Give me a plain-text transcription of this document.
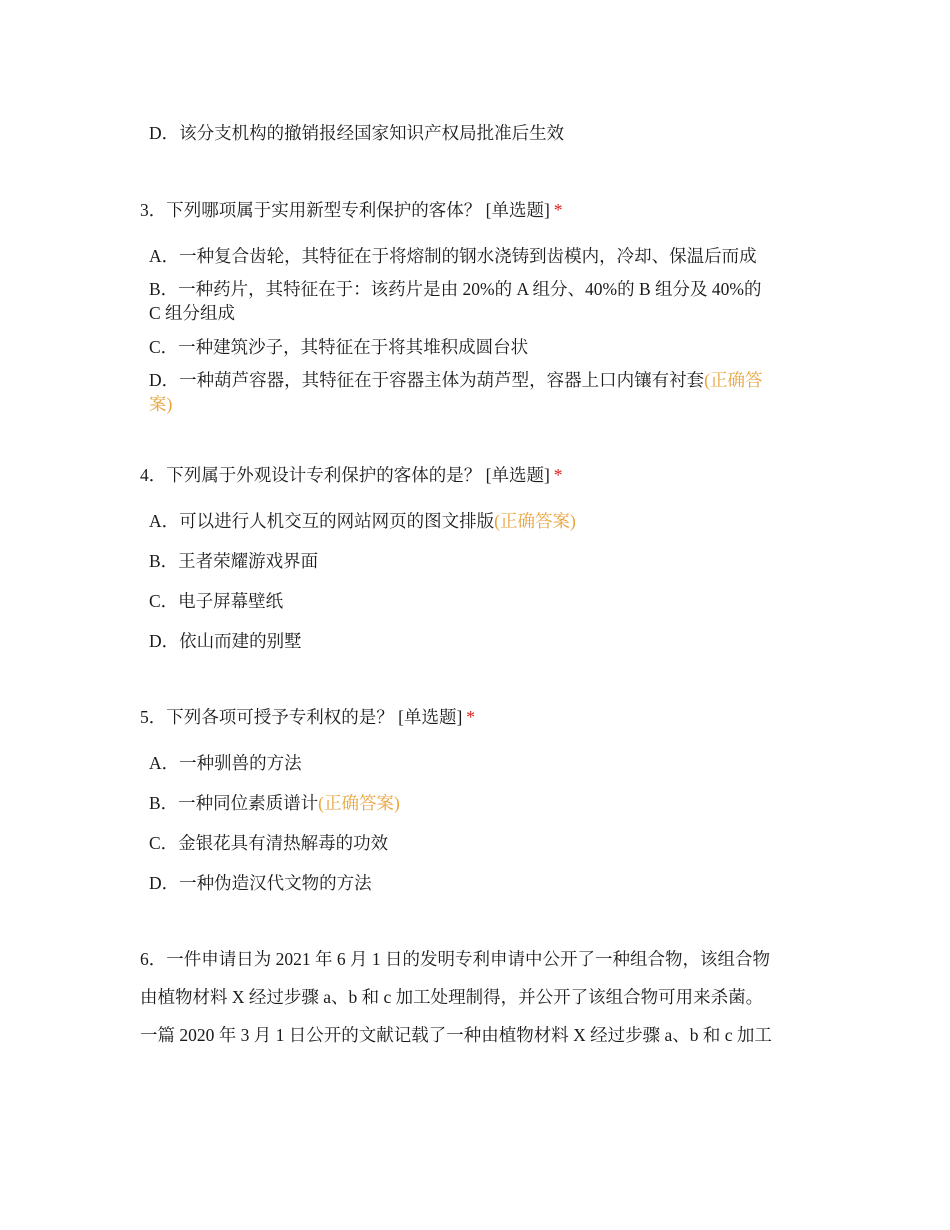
D．该分支机构的撤销报经国家知识产权局批准后生效
3．下列哪项属于实用新型专利保护的客体？ [单选题] *
A．一种复合齿轮，其特征在于将熔制的钢水浇铸到齿模内，冷却、保温后而成
B．一种药片，其特征在于：该药片是由 20%的 A 组分、40%的 B 组分及 40%的
C 组分组成
C．一种建筑沙子，其特征在于将其堆积成圆台状
D．一种葫芦容器，其特征在于容器主体为葫芦型，容器上口内镶有衬套(正确答
案)
4．下列属于外观设计专利保护的客体的是？ [单选题] *
A．可以进行人机交互的网站网页的图文排版(正确答案)
B．王者荣耀游戏界面
C．电子屏幕壁纸
D．依山而建的别墅
5．下列各项可授予专利权的是？ [单选题] *
A．一种驯兽的方法
B．一种同位素质谱计(正确答案)
C．金银花具有清热解毒的功效
D．一种伪造汉代文物的方法
6．一件申请日为 2021 年 6 月 1 日的发明专利申请中公开了一种组合物，该组合物
由植物材料 X 经过步骤 a、b 和 c 加工处理制得，并公开了该组合物可用来杀菌。
一篇 2020 年 3 月 1 日公开的文献记载了一种由植物材料 X 经过步骤 a、b 和 c 加工
